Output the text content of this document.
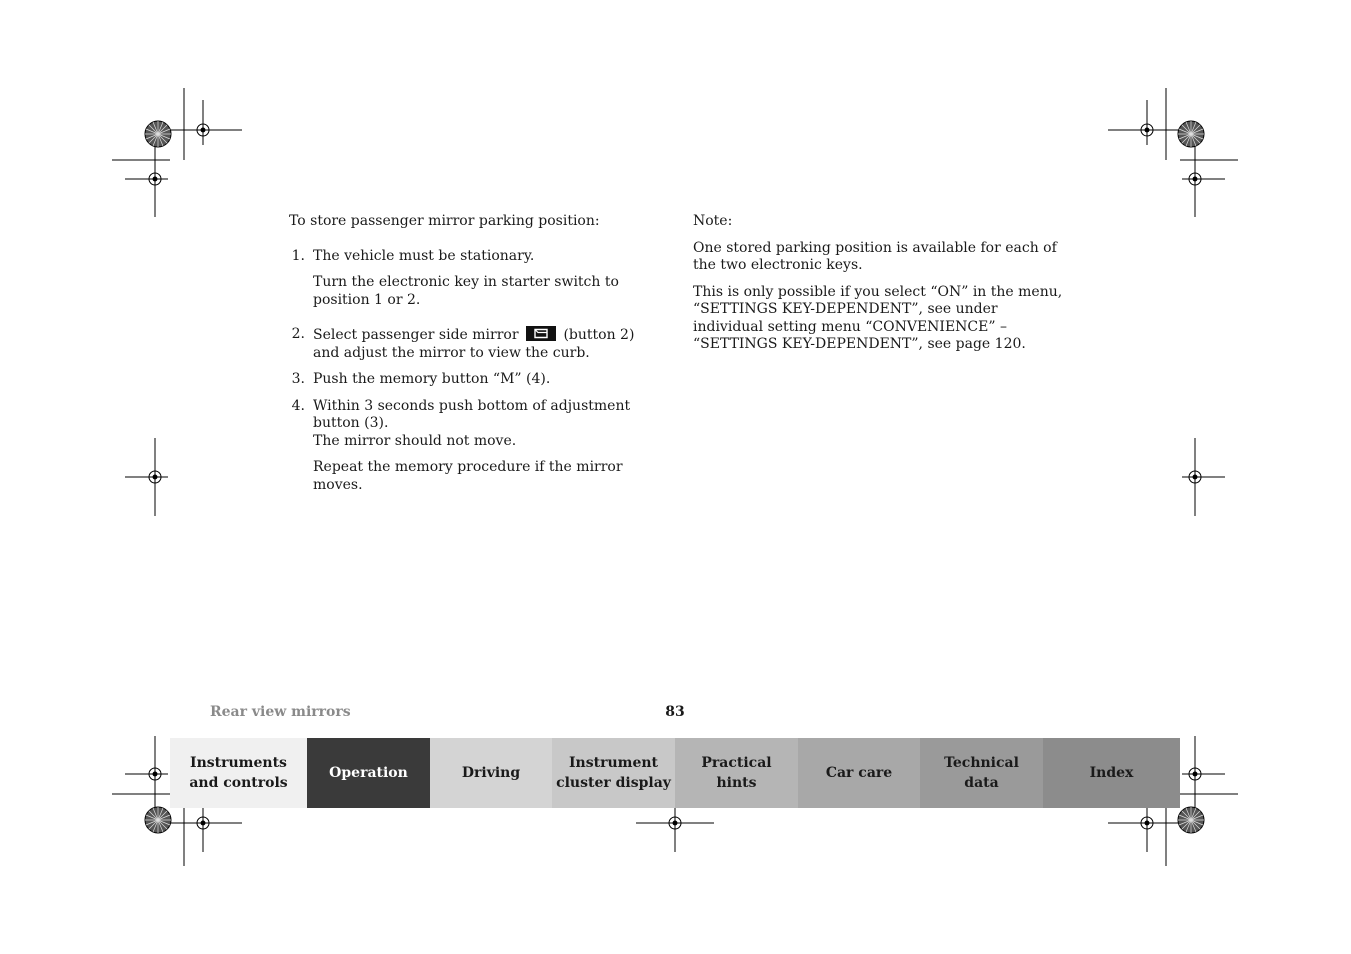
To store passenger mirror parking position:

1. The vehicle must be stationary.

Turn the electronic key in starter switch to position 1 or 2.

2. Select passenger side mirror	(button 2) and adjust the mirror to view the curb.

3. Push the memory button “M” (4).

4. Within 3 seconds push bottom of adjustment button (3).

The mirror should not move.

Repeat the memory procedure if the mirror moves.

Note:

One stored parking position is available for each of the two electronic keys.

This is only possible if you select “ON” in the menu, “SETTINGS KEY-DEPENDENT”, see under individual setting menu “CONVENIENCE” – “SETTINGS KEY-DEPENDENT”, see page 120.

Rear view mirrors	83
Instruments
and controls
Operation	Driving
Instrument
cluster display
Practical hints
Car care
Technical
data
Index
